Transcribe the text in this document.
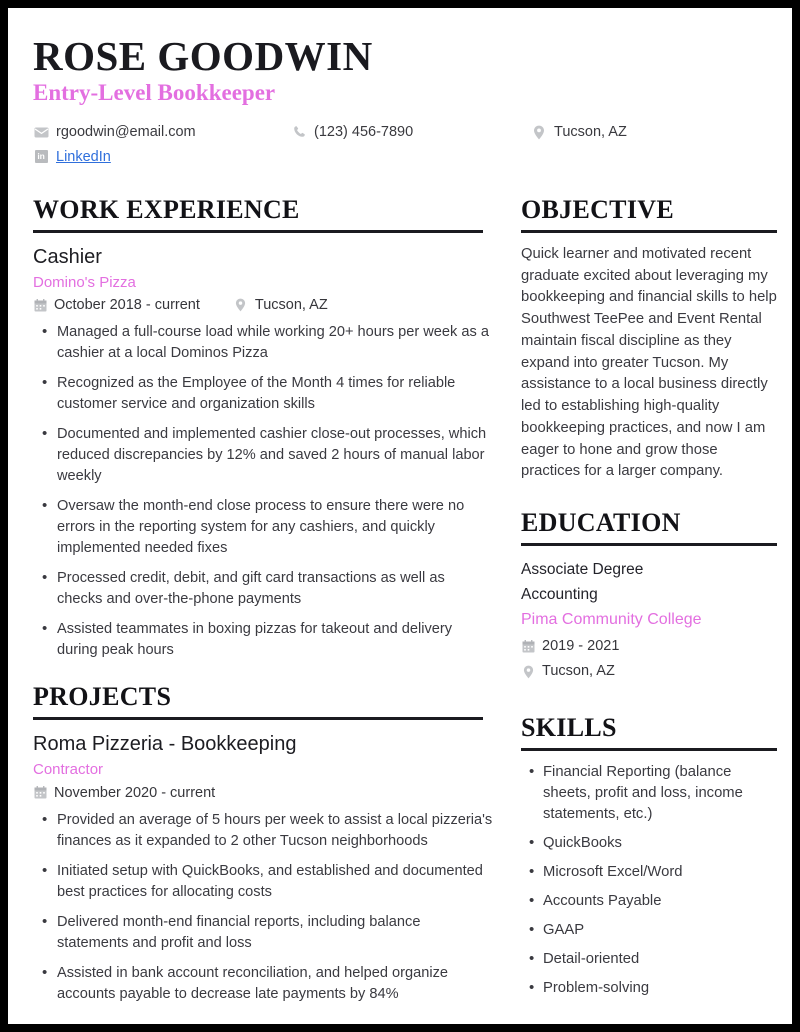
ROSE GOODWIN
Entry-Level Bookkeeper
rgoodwin@email.com	(123) 456-7890	Tucson, AZ
in LinkedIn
WORK EXPERIENCE
Cashier
Domino's Pizza
October 2018 - current	Tucson, AZ
• Managed a full-course load while working 20+ hours per week as a cashier at a local Dominos Pizza
• Recognized as the Employee of the Month 4 times for reliable customer service and organization skills
• Documented and implemented cashier close-out processes, which reduced discrepancies by 12% and saved 2 hours of manual labor weekly
• Oversaw the month-end close process to ensure there were no errors in the reporting system for any cashiers, and quickly implemented needed fixes
• Processed credit, debit, and gift card transactions as well as checks and over-the-phone payments
• Assisted teammates in boxing pizzas for takeout and delivery during peak hours
PROJECTS
Roma Pizzeria - Bookkeeping
Contractor
November 2020 - current
• Provided an average of 5 hours per week to assist a local pizzeria's finances as it expanded to 2 other Tucson neighborhoods
• Initiated setup with QuickBooks, and established and documented best practices for allocating costs
• Delivered month-end financial reports, including balance statements and profit and loss
• Assisted in bank account reconciliation, and helped organize accounts payable to decrease late payments by 84%
OBJECTIVE

Quick learner and motivated recent graduate excited about leveraging my bookkeeping and financial skills to help Southwest TeePee and Event Rental maintain fiscal discipline as they expand into greater Tucson. My assistance to a local business directly led to establishing high-quality bookkeeping practices, and now I am eager to hone and grow those practices for a larger company.

EDUCATION
Associate Degree
Accounting
Pima Community College
2019 - 2021
Tucson, AZ
SKILLS
• Financial Reporting (balance sheets, profit and loss, income statements, etc.)
• QuickBooks
• Microsoft Excel/Word
• Accounts Payable
• GAAP
• Detail-oriented
• Problem-solving
